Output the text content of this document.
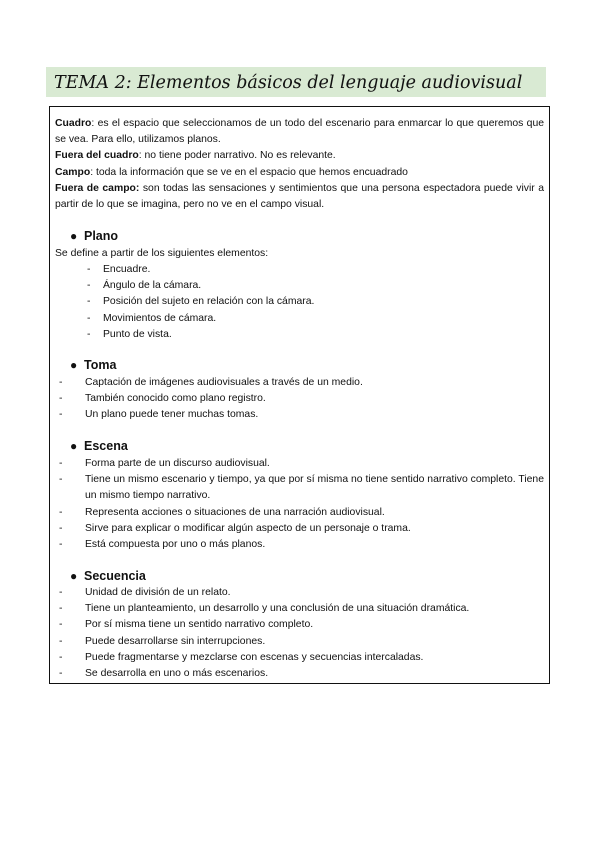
TEMA 2: Elementos básicos del lenguaje audiovisual

Cuadro: es el espacio que seleccionamos de un todo del escenario para enmarcar lo que queremos que se vea. Para ello, utilizamos planos.

Fuera del cuadro: no tiene poder narrativo. No es relevante.

Campo: toda la información que se ve en el espacio que hemos encuadrado

Fuera de campo: son todas las sensaciones y sentimientos que una persona espectadora puede vivir a partir de lo que se imagina, pero no ve en el campo visual.

● Plano

Se define a partir de los siguientes elementos:

- Encuadre.
- Ángulo de la cámara.
- Posición del sujeto en relación con la cámara.
- Movimientos de cámara.
- Punto de vista.

● Toma

- Captación de imágenes audiovisuales a través de un medio.
- También conocido como plano registro.
- Un plano puede tener muchas tomas.

● Escena

- Forma parte de un discurso audiovisual.
- Tiene un mismo escenario y tiempo, ya que por sí misma no tiene sentido narrativo completo. Tiene un mismo tiempo narrativo.
- Representa acciones o situaciones de una narración audiovisual.
- Sirve para explicar o modificar algún aspecto de un personaje o trama.
- Está compuesta por uno o más planos.

● Secuencia

- Unidad de división de un relato.
- Tiene un planteamiento, un desarrollo y una conclusión de una situación dramática.
- Por sí misma tiene un sentido narrativo completo.
- Puede desarrollarse sin interrupciones.
- Puede fragmentarse y mezclarse con escenas y secuencias intercaladas.
- Se desarrolla en uno o más escenarios.
